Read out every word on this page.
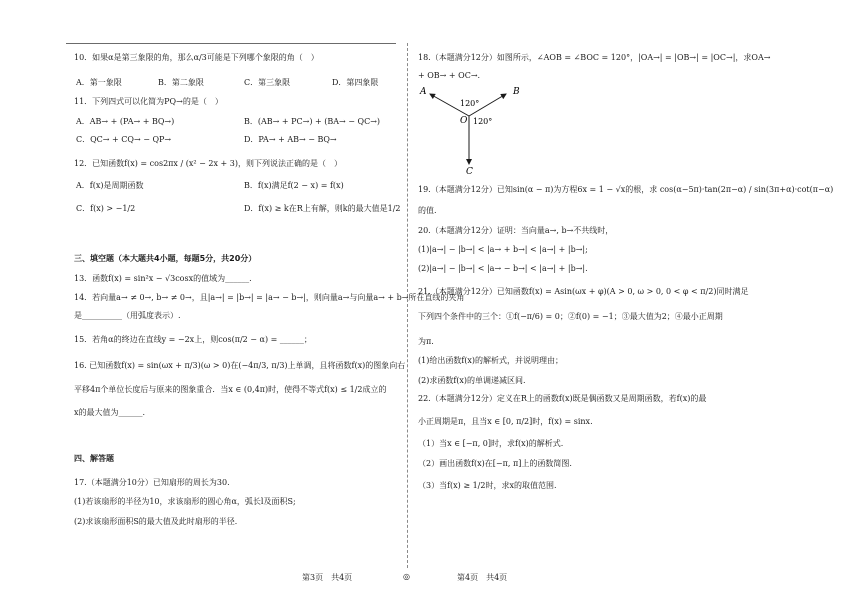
10．如果α是第三象限的角，那么α/3可能是下列哪个象限的角（　）
A．第一象限	B．第二象限	C．第三象限	D．第四象限
11．下列四式可以化简为PQ→的是（　）
A．AB→ + (PA→ + BQ→)	B．(AB→ + PC→) + (BA→ − QC→)
C．QC→ + CQ→ − QP→	D．PA→ + AB→ − BQ→
12．已知函数f(x) = cos2πx / (x² − 2x + 3)，则下列说法正确的是（　）
A．f(x)是周期函数	B．f(x)满足f(2 − x) = f(x)
C．f(x) > −1/2	D．f(x) ≥ k在R上有解，则k的最大值是1/2
三、填空题（本大题共4小题，每题5分，共20分）
13．函数f(x) = sin²x − √3cosx的值域为______.
14．若向量a→ ≠ 0→, b→ ≠ 0→，且|a→| = |b→| = |a→ − b→|，则向量a→与向量a→ + b→所在直线的夹角
是__________（用弧度表示）.
15．若角α的终边在直线y = −2x上，则cos(π/2 − α) = ______；
16. 已知函数f(x) = sin(ωx + π/3)(ω > 0)在(−4π/3, π/3)上单调，且将函数f(x)的图象向右
平移4π个单位长度后与原来的图象重合．当x ∈ (0,4π)时，使得不等式f(x) ≤ 1/2成立的
x的最大值为______.
四、解答题
17.（本题满分10分）已知扇形的周长为30.
(1)若该扇形的半径为10，求该扇形的圆心角α，弧长l及面积S;
(2)求该扇形面积S的最大值及此时扇形的半径．
18.（本题满分12分）如图所示，∠AOB = ∠BOC = 120°，|OA→| = |OB→| = |OC→|，求OA→
+ OB→ + OC→.
19.（本题满分12分）已知sin(α − π)为方程6x = 1 − √x的根，求 cos(α−5π)·tan(2π−α) / sin(3π+α)·cot(π−α)
的值.
20.（本题满分12分）证明：当向量a→, b→不共线时，
(1)|a→| − |b→| < |a→ + b→| < |a→| + |b→|;
(2)|a→| − |b→| < |a→ − b→| < |a→| + |b→|.
21.（本题满分12分）已知函数f(x) = Asin(ωx + φ)(A > 0, ω > 0, 0 < φ < π/2)同时满足
下列四个条件中的三个：①f(−π/6) = 0；②f(0) = −1；③最大值为2；④最小正周期
为π.
(1)给出函数f(x)的解析式，并说明理由；
(2)求函数f(x)的单调递减区间.
22.（本题满分12分）定义在R上的函数f(x)既是偶函数又是周期函数，若f(x)的最
小正周期是π，且当x ∈ [0, π/2]时，f(x) = sinx.
（1）当x ∈ [−π, 0]时，求f(x)的解析式.
（2）画出函数f(x)在[−π, π]上的函数简图.
（3）当f(x) ≥ 1/2时，求x的取值范围.
A	B
O
C
120°
120°
第3页　共4页	◎	第4页　共4页
